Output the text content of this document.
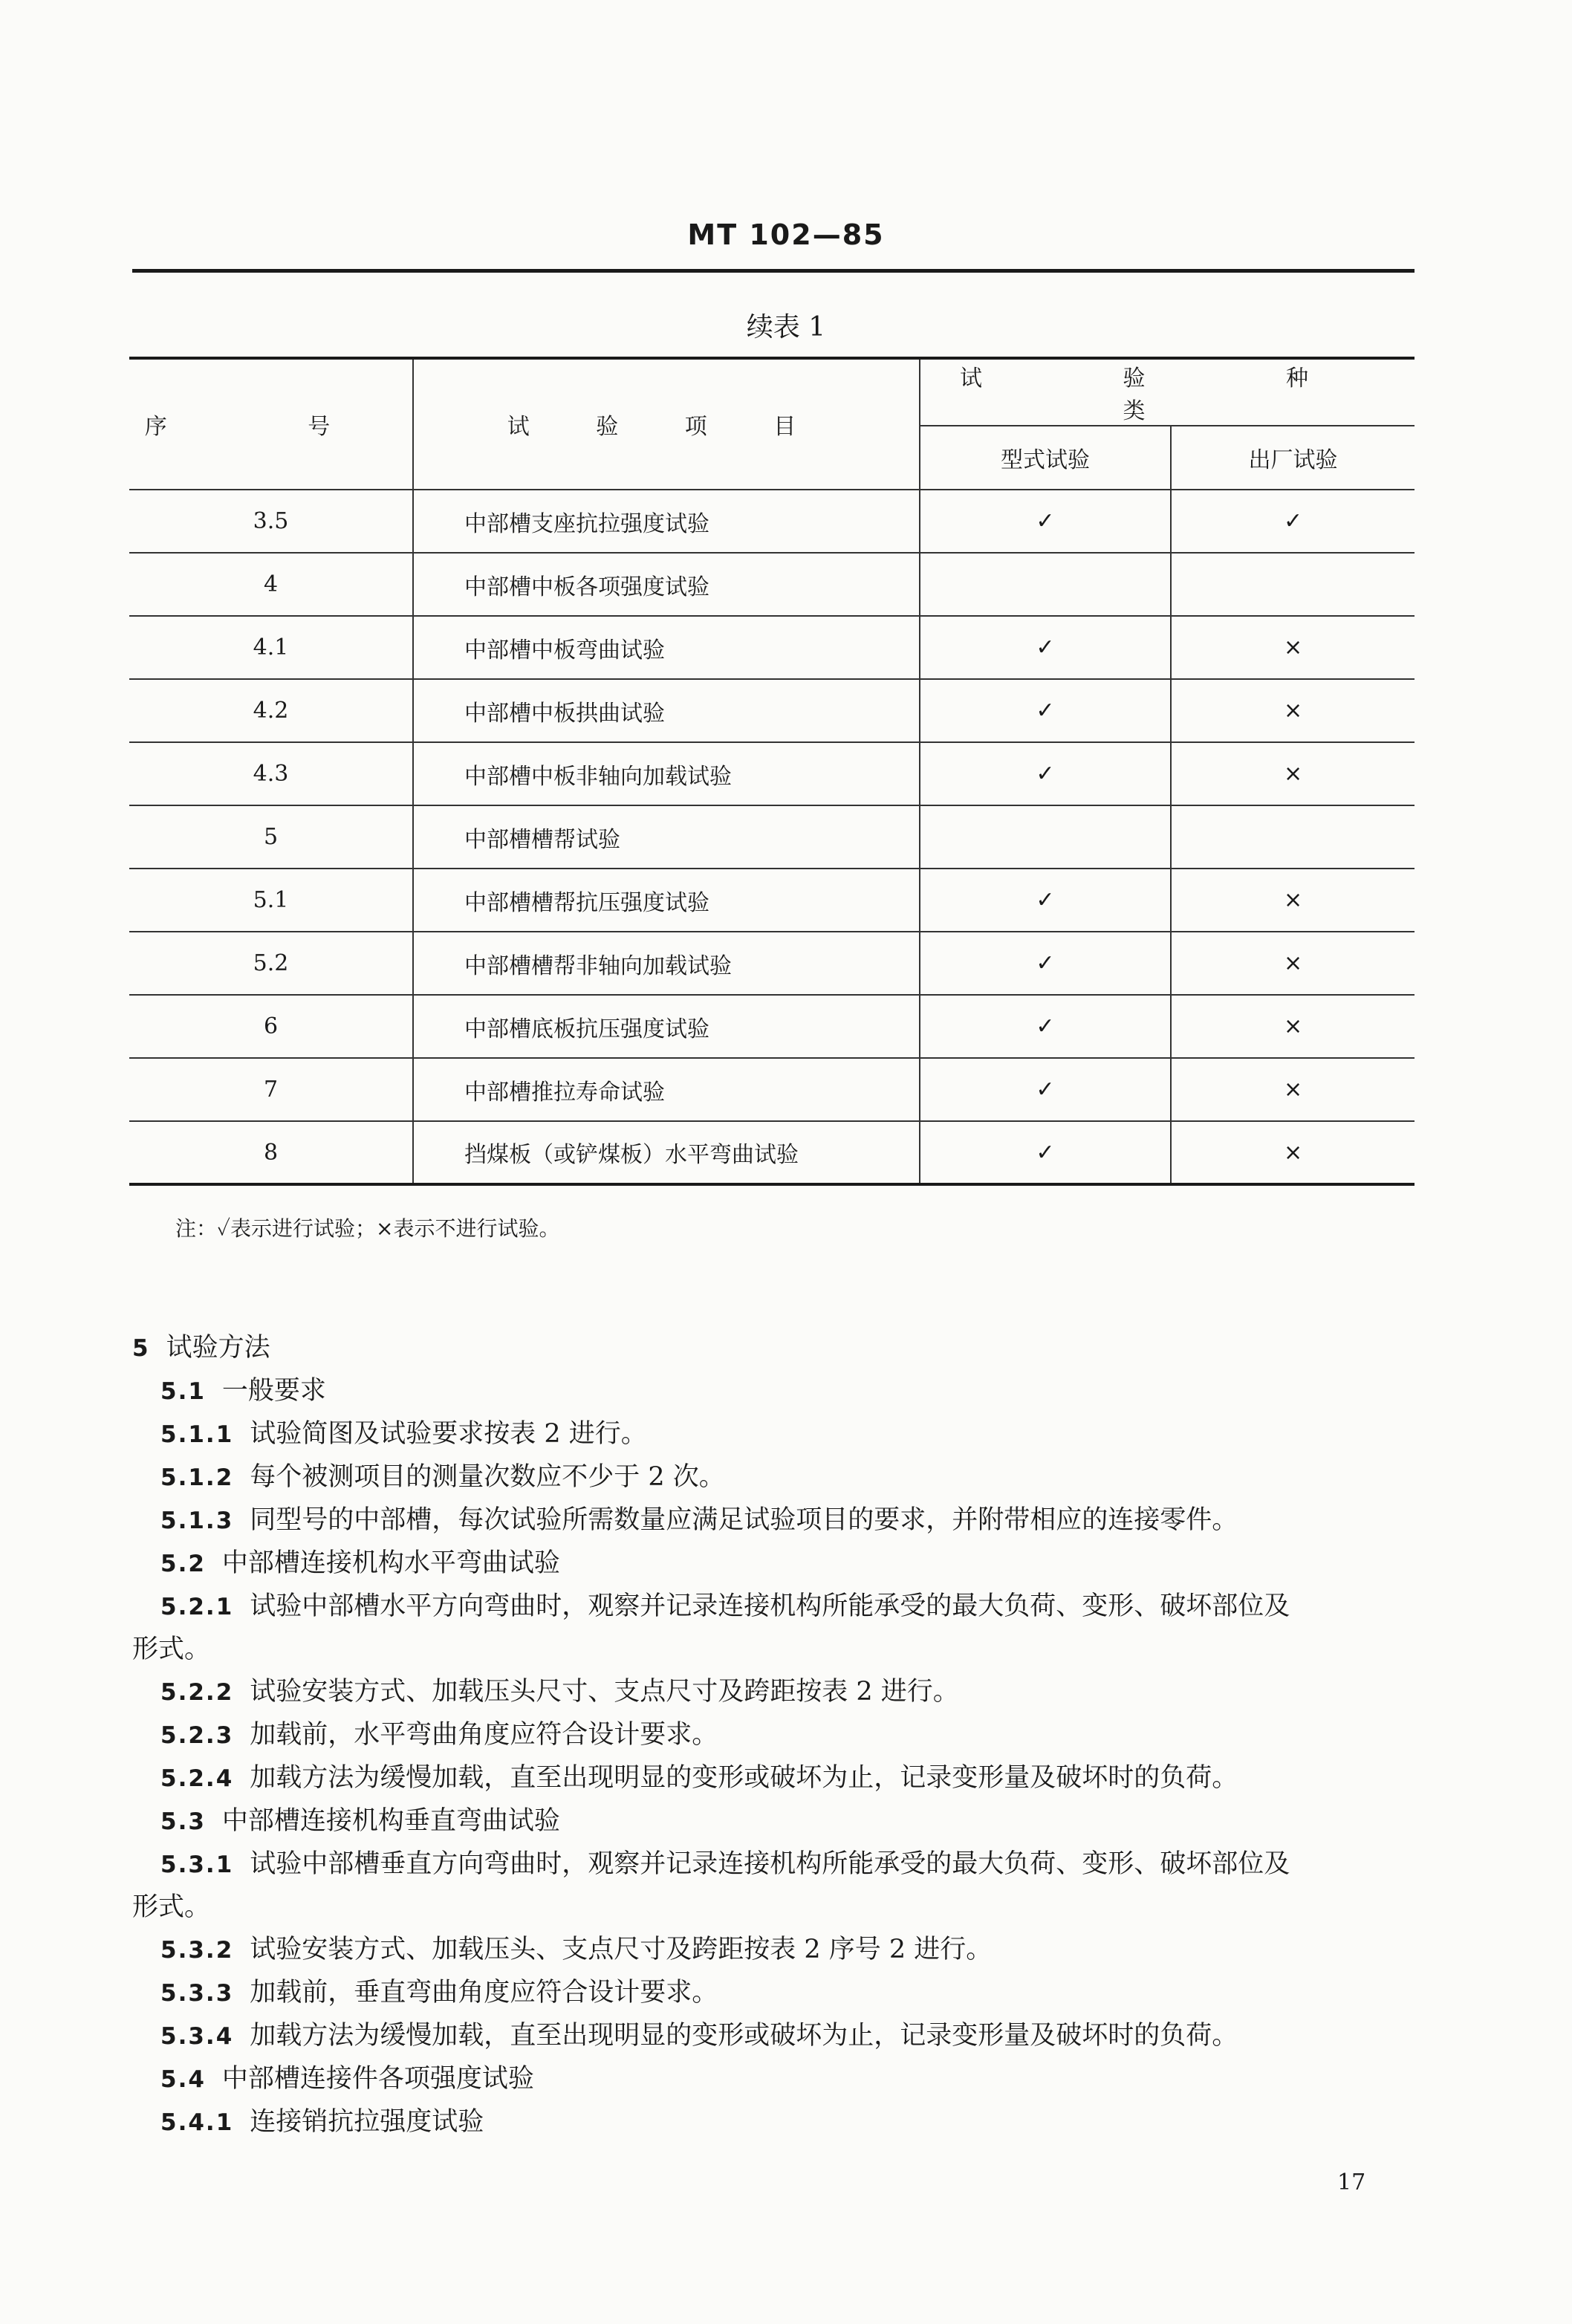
MT 102—85
续表 1
序 号	试 验 项 目	试 验 种 类	
		型式试验	出厂试验
3.5	中部槽支座抗拉强度试验	✓	✓
4	中部槽中板各项强度试验		
4.1	中部槽中板弯曲试验	✓	×
4.2	中部槽中板拱曲试验	✓	×
4.3	中部槽中板非轴向加载试验	✓	×
5	中部槽槽帮试验		
5.1	中部槽槽帮抗压强度试验	✓	×
5.2	中部槽槽帮非轴向加载试验	✓	×
6	中部槽底板抗压强度试验	✓	×
7	中部槽推拉寿命试验	✓	×
8	挡煤板（或铲煤板）水平弯曲试验	✓	×
注：✓表示进行试验；×表示不进行试验。

5 试验方法

5.1 一般要求

5.1.1 试验简图及试验要求按表 2 进行。

5.1.2 每个被测项目的测量次数应不少于 2 次。

5.1.3 同型号的中部槽，每次试验所需数量应满足试验项目的要求，并附带相应的连接零件。

5.2 中部槽连接机构水平弯曲试验

5.2.1 试验中部槽水平方向弯曲时，观察并记录连接机构所能承受的最大负荷、变形、破坏部位及

形式。

5.2.2 试验安装方式、加载压头尺寸、支点尺寸及跨距按表 2 进行。

5.2.3 加载前，水平弯曲角度应符合设计要求。

5.2.4 加载方法为缓慢加载，直至出现明显的变形或破坏为止，记录变形量及破坏时的负荷。

5.3 中部槽连接机构垂直弯曲试验

5.3.1 试验中部槽垂直方向弯曲时，观察并记录连接机构所能承受的最大负荷、变形、破坏部位及

形式。

5.3.2 试验安装方式、加载压头、支点尺寸及跨距按表 2 序号 2 进行。

5.3.3 加载前，垂直弯曲角度应符合设计要求。

5.3.4 加载方法为缓慢加载，直至出现明显的变形或破坏为止，记录变形量及破坏时的负荷。

5.4 中部槽连接件各项强度试验

5.4.1 连接销抗拉强度试验

17
